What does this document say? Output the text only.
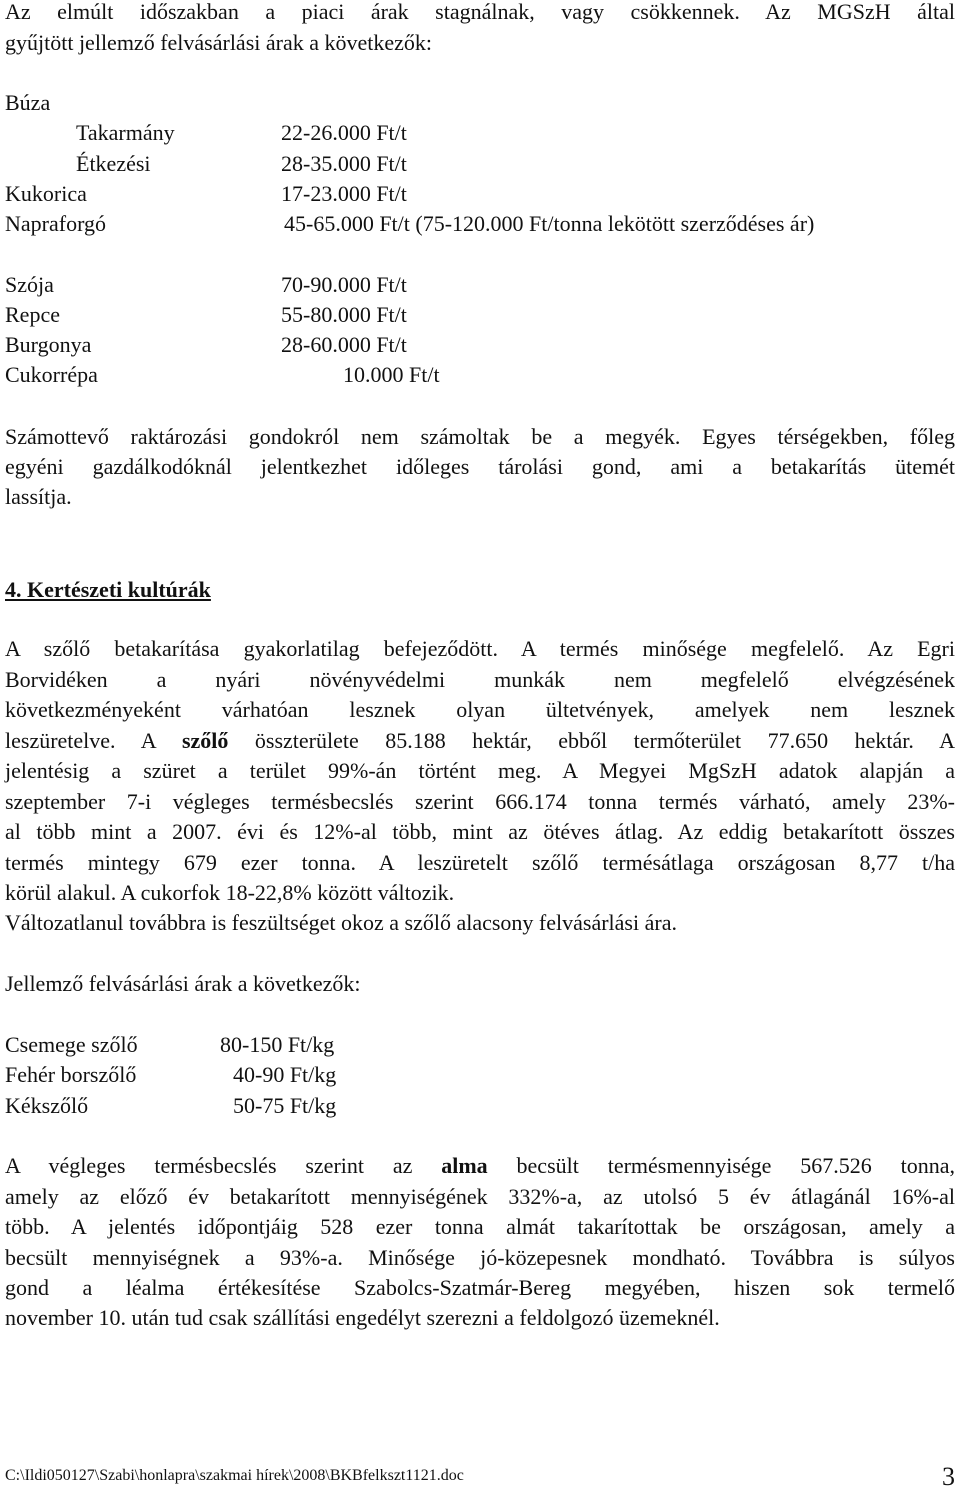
Az elmúlt időszakban a piaci árak stagnálnak, vagy csökkennek. Az MGSzH által
gyűjtött jellemző felvásárlási árak a következők:
Búza
Takarmány	22-26.000 Ft/t
Étkezési	28-35.000 Ft/t
Kukorica	17-23.000 Ft/t
Napraforgó	45-65.000 Ft/t (75-120.000 Ft/tonna lekötött szerződéses ár)
Szója	70-90.000 Ft/t
Repce	55-80.000 Ft/t
Burgonya	28-60.000 Ft/t
Cukorrépa	10.000 Ft/t
Számottevő raktározási gondokról nem számoltak be a megyék. Egyes térségekben, főleg
egyéni gazdálkodóknál jelentkezhet időleges tárolási gond, ami a betakarítás ütemét
lassítja.
4. Kertészeti kultúrák
A szőlő betakarítása gyakorlatilag befejeződött. A termés minősége megfelelő. Az Egri
Borvidéken a nyári növényvédelmi munkák nem megfelelő elvégzésének
következményeként várhatóan lesznek olyan ültetvények, amelyek nem lesznek
leszüretelve. A szőlő összterülete 85.188 hektár, ebből termőterület 77.650 hektár. A
jelentésig a szüret a terület 99%-án történt meg. A Megyei MgSzH adatok alapján a
szeptember 7-i végleges termésbecslés szerint 666.174 tonna termés várható, amely 23%-
al több mint a 2007. évi és 12%-al több, mint az ötéves átlag. Az eddig betakarított összes
termés mintegy 679 ezer tonna. A leszüretelt szőlő termésátlaga országosan 8,77 t/ha
körül alakul. A cukorfok 18-22,8% között változik.
Változatlanul továbbra is feszültséget okoz a szőlő alacsony felvásárlási ára.
Jellemző felvásárlási árak a következők:
Csemege szőlő	80-150 Ft/kg
Fehér borszőlő	40-90 Ft/kg
Kékszőlő	50-75 Ft/kg
A végleges termésbecslés szerint az alma becsült termésmennyisége 567.526 tonna,
amely az előző év betakarított mennyiségének 332%-a, az utolsó 5 év átlagánál 16%-al
több. A jelentés időpontjáig 528 ezer tonna almát takarítottak be országosan, amely a
becsült mennyiségnek a 93%-a. Minősége jó-közepesnek mondható. Továbbra is súlyos
gond a léalma értékesítése Szabolcs-Szatmár-Bereg megyében, hiszen sok termelő
november 10. után tud csak szállítási engedélyt szerezni a feldolgozó üzemeknél.
C:\Ildi050127\Szabi\honlapra\szakmai hírek\2008\BKBfelkszt1121.doc	3
